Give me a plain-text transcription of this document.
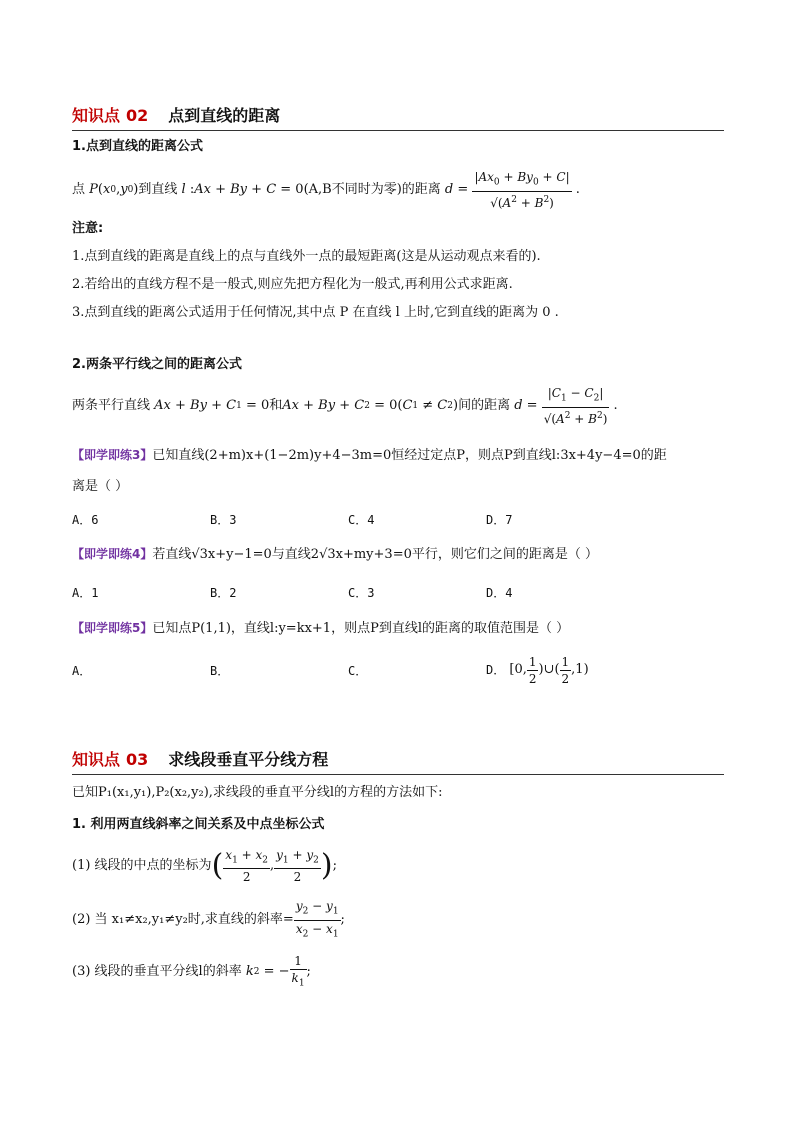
知识点 02 点到直线的距离
1.点到直线的距离公式
点 P ( x 0 , y 0 ) 到直线 l : Ax + By + C = 0 (A,B不同时为零)的距离 $d = \frac{|Ax_0 + By_0 + C|}{√(A^2 + B^2)}$ .
注意:
1.点到直线的距离是直线上的点与直线外一点的最短距离(这是从运动观点来看的).
2.若给出的直线方程不是一般式,则应先把方程化为一般式,再利用公式求距离.
3.点到直线的距离公式适用于任何情况,其中点 P 在直线 l 上时,它到直线的距离为 0 .
2.两条平行线之间的距离公式
两条平行直线 Ax + By + C 1 = 0 和 Ax + By + C 2 = 0( C 1 ≠ C 2 ) 间的距离 $d = \frac{|C_1 - C_2|}{√(A^2 + B^2)}$ .
【即学即练3】已知直线(2+m)x+(1−2m)y+4−3m=0恒经过定点P，则点P到直线l:3x+4y−4=0的距
离是（ ）
A．6	B．3	C．4	D．7
【即学即练4】若直线√3x+y−1=0与直线2√3x+my+3=0平行，则它们之间的距离是（ ）
A．1	B．2	C．3	D．4
【即学即练5】已知点P(1,1)，直线l:y=kx+1，则点P到直线l的距离的取值范围是（ ）
A．	B．	C．	D． [0, $\frac{1}{2}$ )∪( $\frac{1}{2} ,1$)
知识点 03 求线段垂直平分线方程
已知P₁(x₁,y₁),P₂(x₂,y₂),求线段的垂直平分线l的方程的方法如下:
1. 利用两直线斜率之间关系及中点坐标公式
(1) 线段的中点的坐标为 ( $\frac{x_1 + x_2}{2}$ , $\frac{y_1 + y_2}{2}$ ) ;
(2) 当 x₁≠x₂,y₁≠y₂时,求直线的斜率= $\frac{y_2 - y_1}{x_2 - x_1}$ ;
(3) 线段的垂直平分线l的斜率 k 2 = − $\frac{1}{k_1}$ ;
